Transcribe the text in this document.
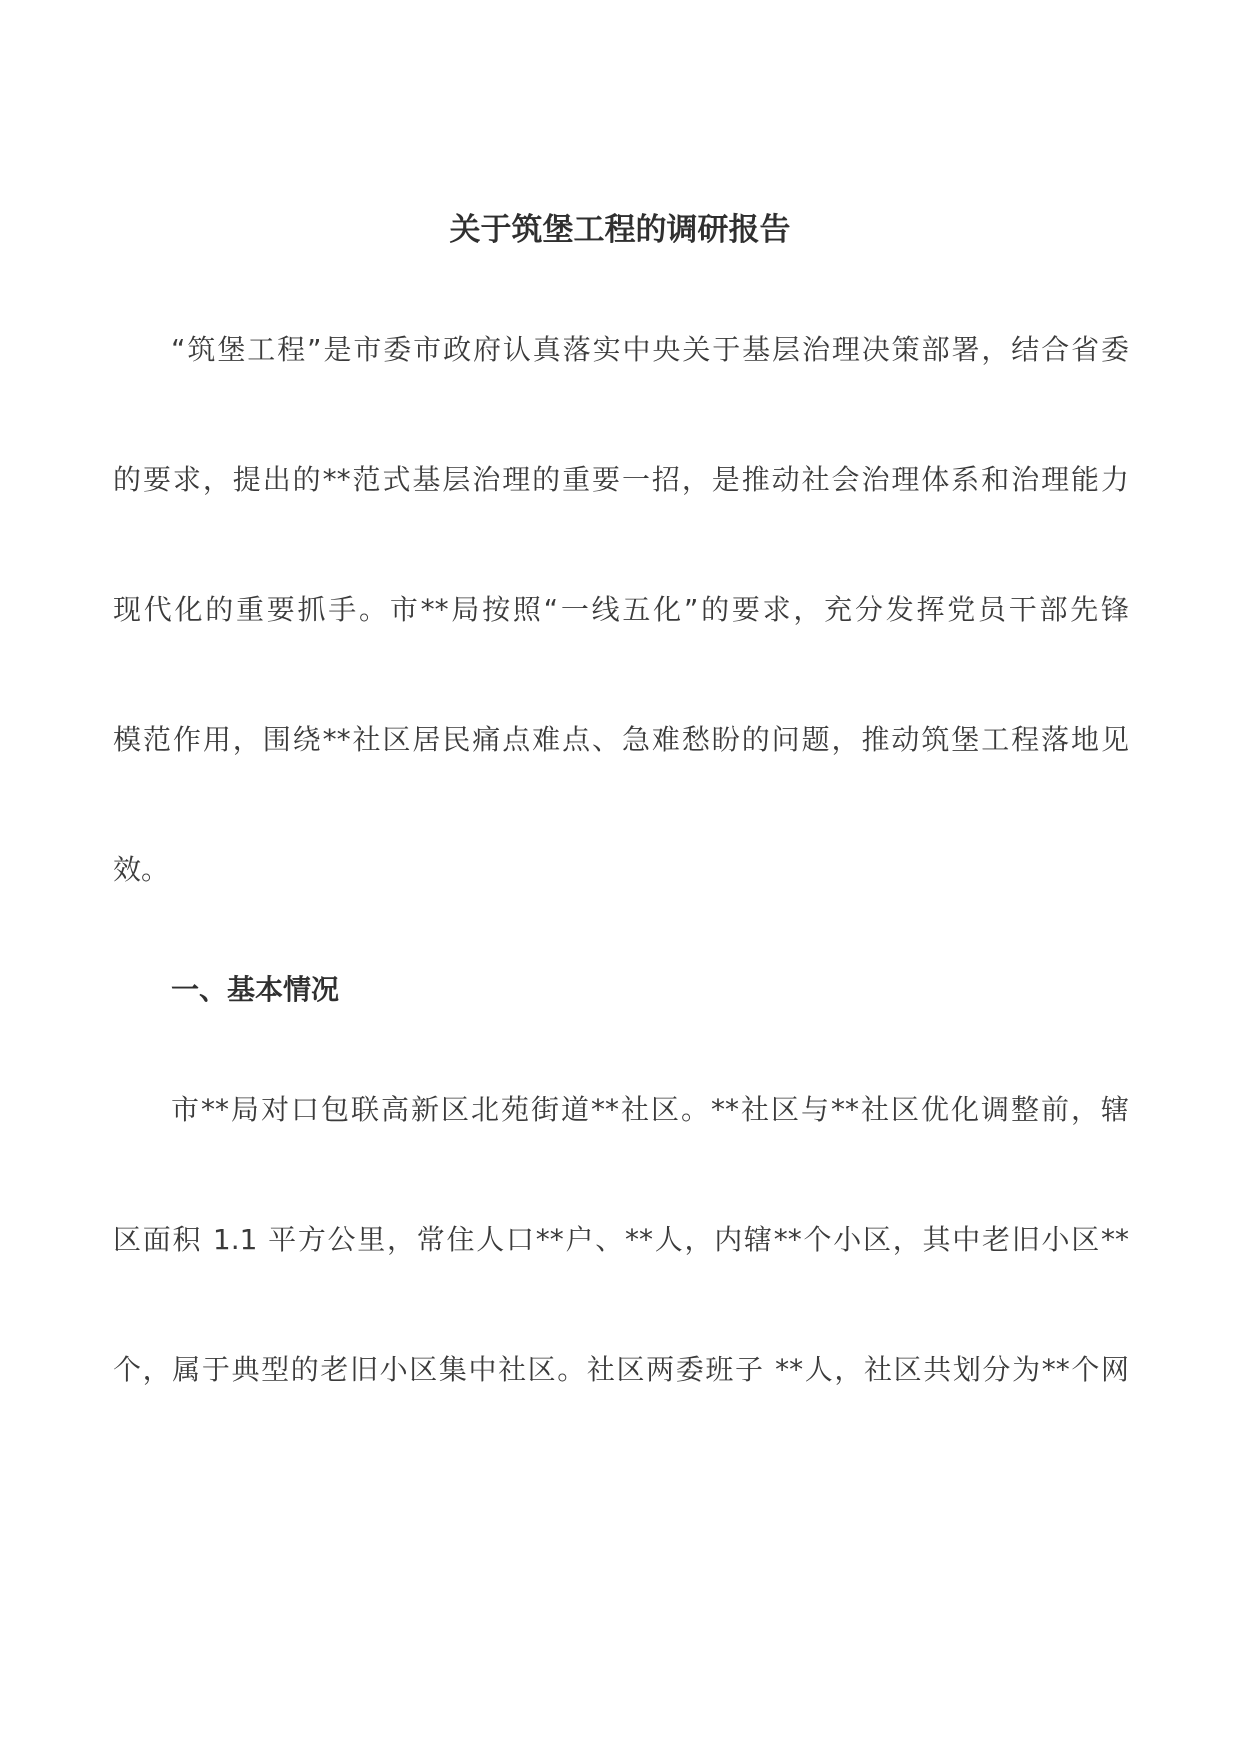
关于筑堡工程的调研报告
“筑堡工程”是市委市政府认真落实中央关于基层治理决策部署，结合省委
的要求，提出的**范式基层治理的重要一招，是推动社会治理体系和治理能力
现代化的重要抓手。市**局按照“一线五化”的要求，充分发挥党员干部先锋
模范作用，围绕**社区居民痛点难点、急难愁盼的问题，推动筑堡工程落地见
效。
一、基本情况
市**局对口包联高新区北苑街道**社区。**社区与**社区优化调整前，辖
区面积 1.1 平方公里，常住人口**户、**人，内辖**个小区，其中老旧小区**
个，属于典型的老旧小区集中社区。社区两委班子 **人，社区共划分为**个网
